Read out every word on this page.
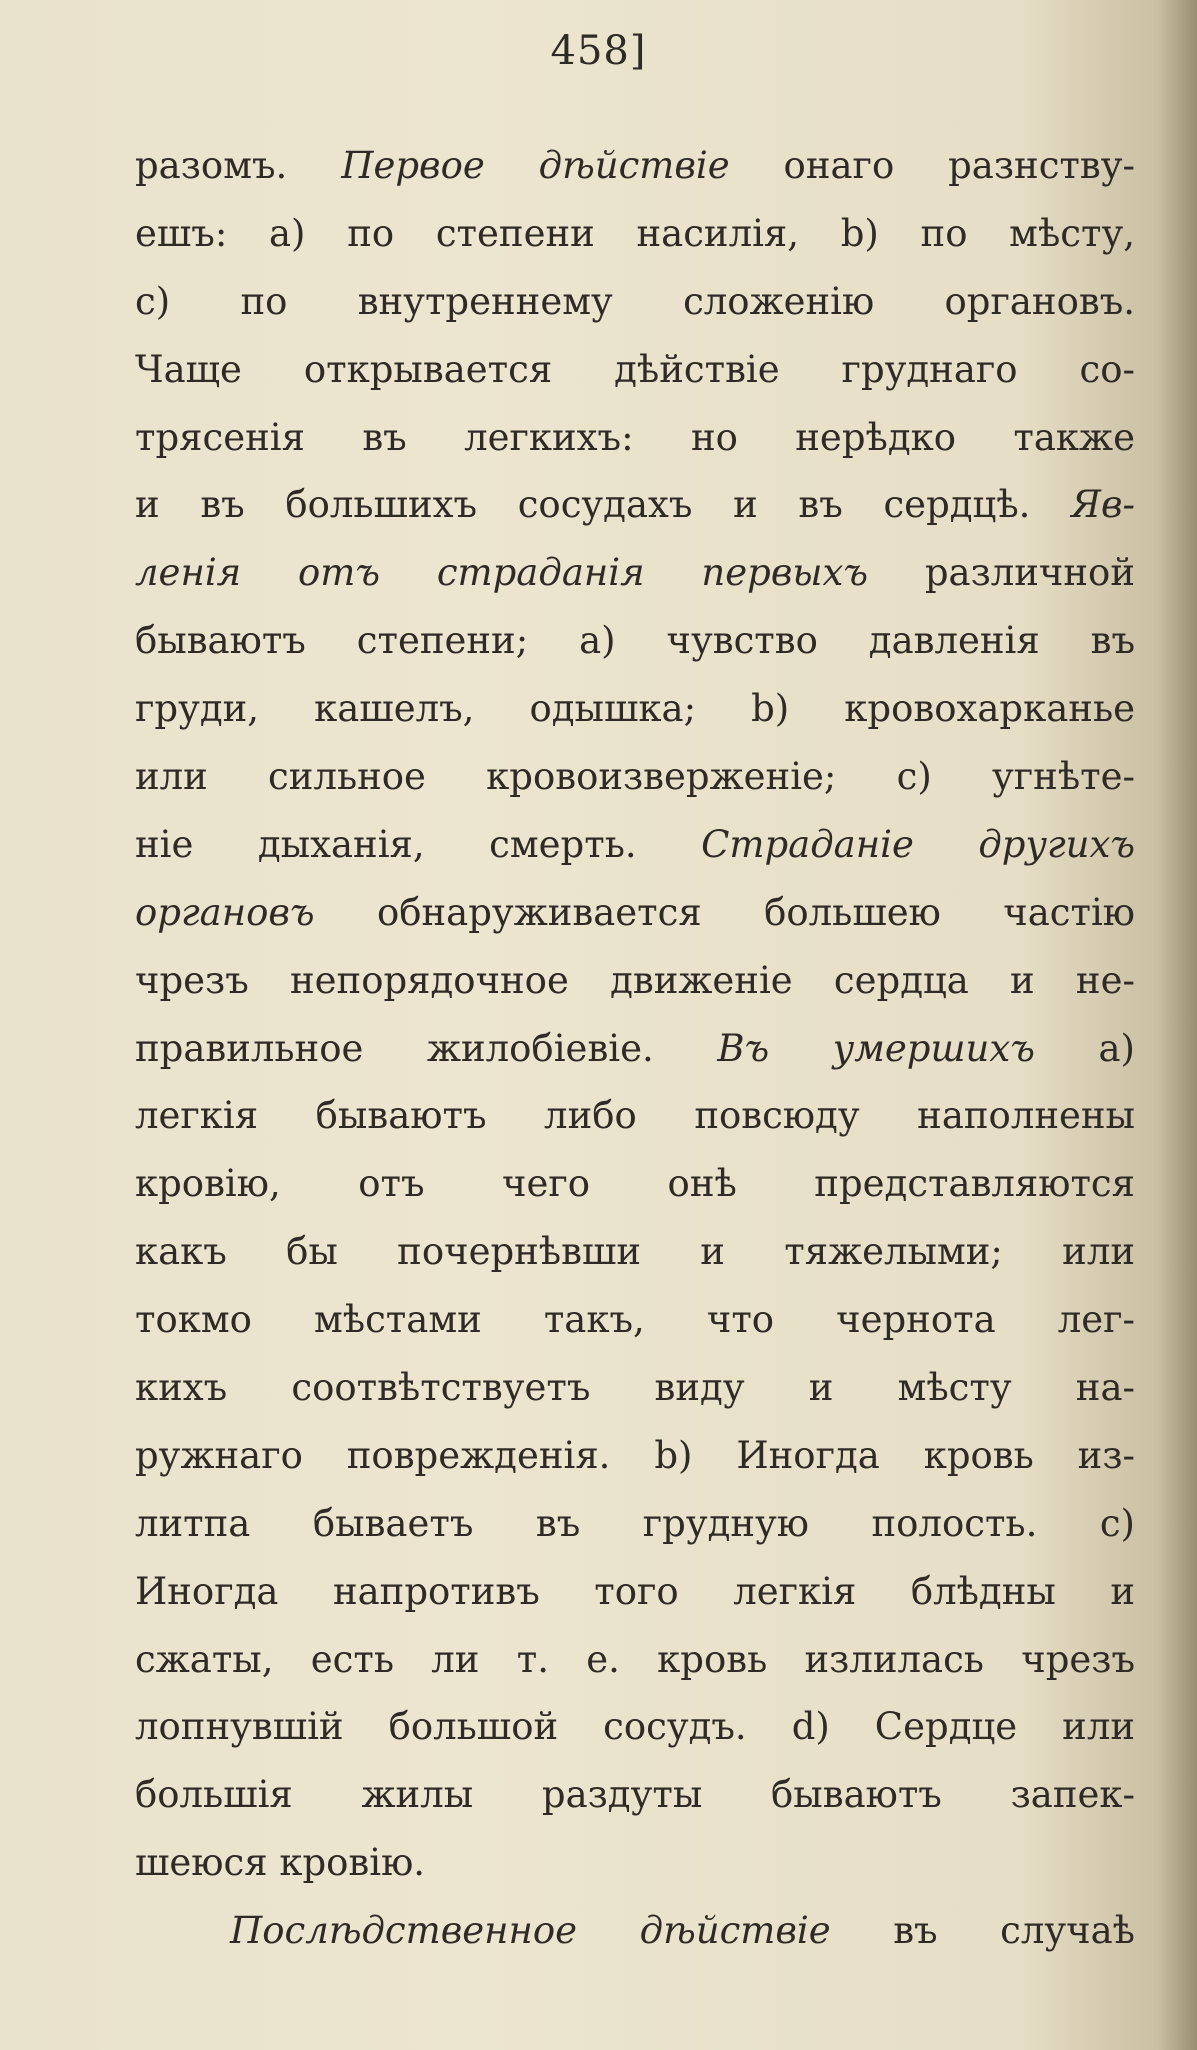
458]
разомъ. Первое дѣйствіе онаго разнству-
ешъ: a) по степени насилія, b) по мѣсту,
c) по внутреннему сложенію органовъ.
Чаще открывается дѣйствіе груднаго со-
трясенія въ легкихъ: но нерѣдко также
и въ большихъ сосудахъ и въ сердцѣ. Яв-
ленія отъ страданія первыхъ различной
бываютъ степени; a) чувство давленія въ
груди, кашелъ, одышка; b) кровохарканье
или сильное кровоизверженіе; c) угнѣте-
ніе дыханія, смерть. Страданіе другихъ
органовъ обнаруживается большею частію
чрезъ непорядочное движеніе сердца и не-
правильное жилобіевіе. Въ умершихъ a)
легкія бываютъ либо повсюду наполнены
кровію, отъ чего онѣ представляются
какъ бы почернѣвши и тяжелыми; или
токмо мѣстами такъ, что чернота лег-
кихъ соотвѣтствуетъ виду и мѣсту на-
ружнаго поврежденія. b) Иногда кровь из-
литпа бываетъ въ грудную полость. c)
Иногда напротивъ того легкія блѣдны и
сжаты, есть ли т. е. кровь излилась чрезъ
лопнувшій большой сосудъ. d) Сердце или
большія жилы раздуты бываютъ запек-
шеюся кровію.
Послѣдственное дѣйствіе въ случаѣ
